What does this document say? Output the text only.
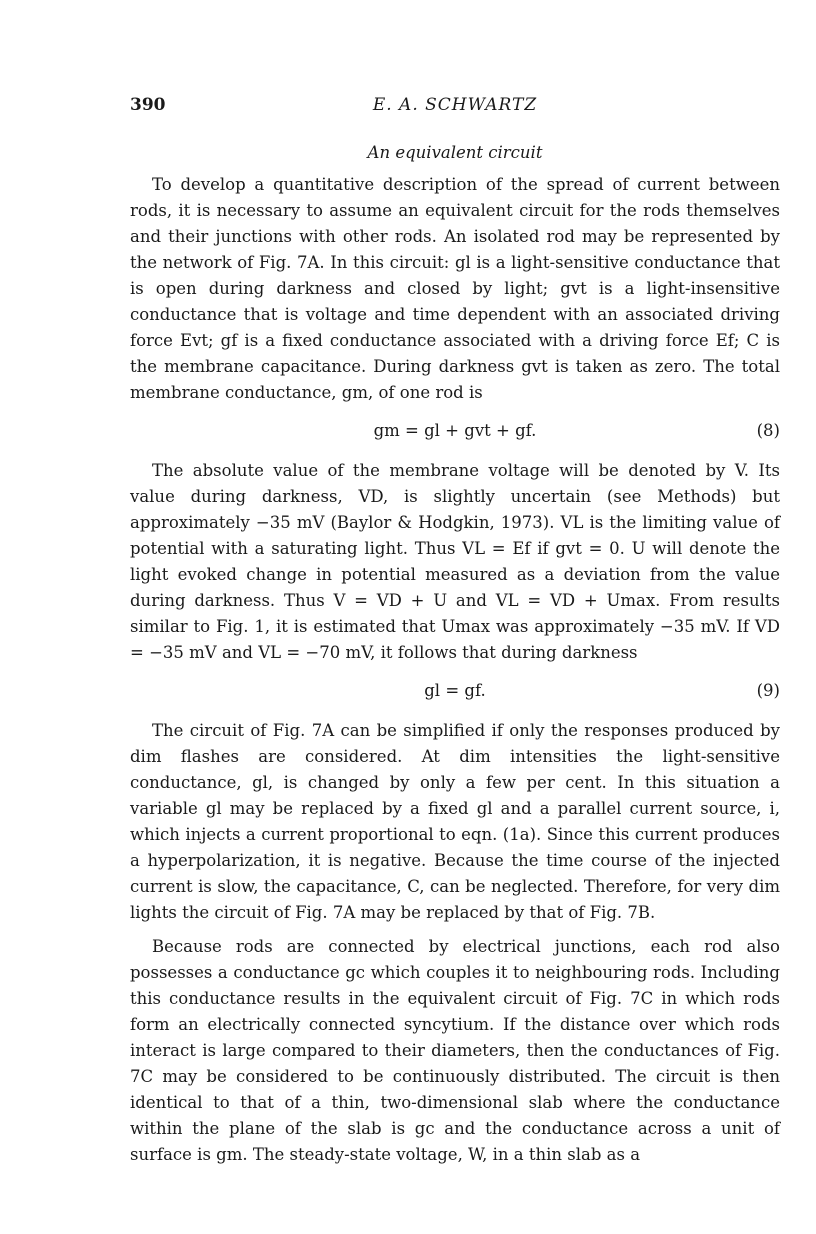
390	E. A. SCHWARTZ
An equivalent circuit

To develop a quantitative description of the spread of current between rods, it is necessary to assume an equivalent circuit for the rods themselves and their junctions with other rods. An isolated rod may be represented by the network of Fig. 7A. In this circuit: gl is a light-sensitive conductance that is open during darkness and closed by light; gvt is a light-insensitive conductance that is voltage and time dependent with an associated driving force Evt; gf is a fixed conductance associated with a driving force Ef; C is the membrane capacitance. During darkness gvt is taken as zero. The total membrane conductance, gm, of one rod is

gm = gl + gvt + gf.	(8)

The absolute value of the membrane voltage will be denoted by V. Its value during darkness, VD, is slightly uncertain (see Methods) but approximately −35 mV (Baylor & Hodgkin, 1973). VL is the limiting value of potential with a saturating light. Thus VL = Ef if gvt = 0. U will denote the light evoked change in potential measured as a deviation from the value during darkness. Thus V = VD + U and VL = VD + Umax. From results similar to Fig. 1, it is estimated that Umax was approximately −35 mV. If VD = −35 mV and VL = −70 mV, it follows that during darkness

gl = gf.	(9)

The circuit of Fig. 7A can be simplified if only the responses produced by dim flashes are considered. At dim intensities the light-sensitive conductance, gl, is changed by only a few per cent. In this situation a variable gl may be replaced by a fixed gl and a parallel current source, i, which injects a current proportional to eqn. (1a). Since this current produces a hyperpolarization, it is negative. Because the time course of the injected current is slow, the capacitance, C, can be neglected. Therefore, for very dim lights the circuit of Fig. 7A may be replaced by that of Fig. 7B.

Because rods are connected by electrical junctions, each rod also possesses a conductance gc which couples it to neighbouring rods. Including this conductance results in the equivalent circuit of Fig. 7C in which rods form an electrically connected syncytium. If the distance over which rods interact is large compared to their diameters, then the conductances of Fig. 7C may be considered to be continuously distributed. The circuit is then identical to that of a thin, two-dimensional slab where the conductance within the plane of the slab is gc and the conductance across a unit of surface is gm. The steady-state voltage, W, in a thin slab as a
